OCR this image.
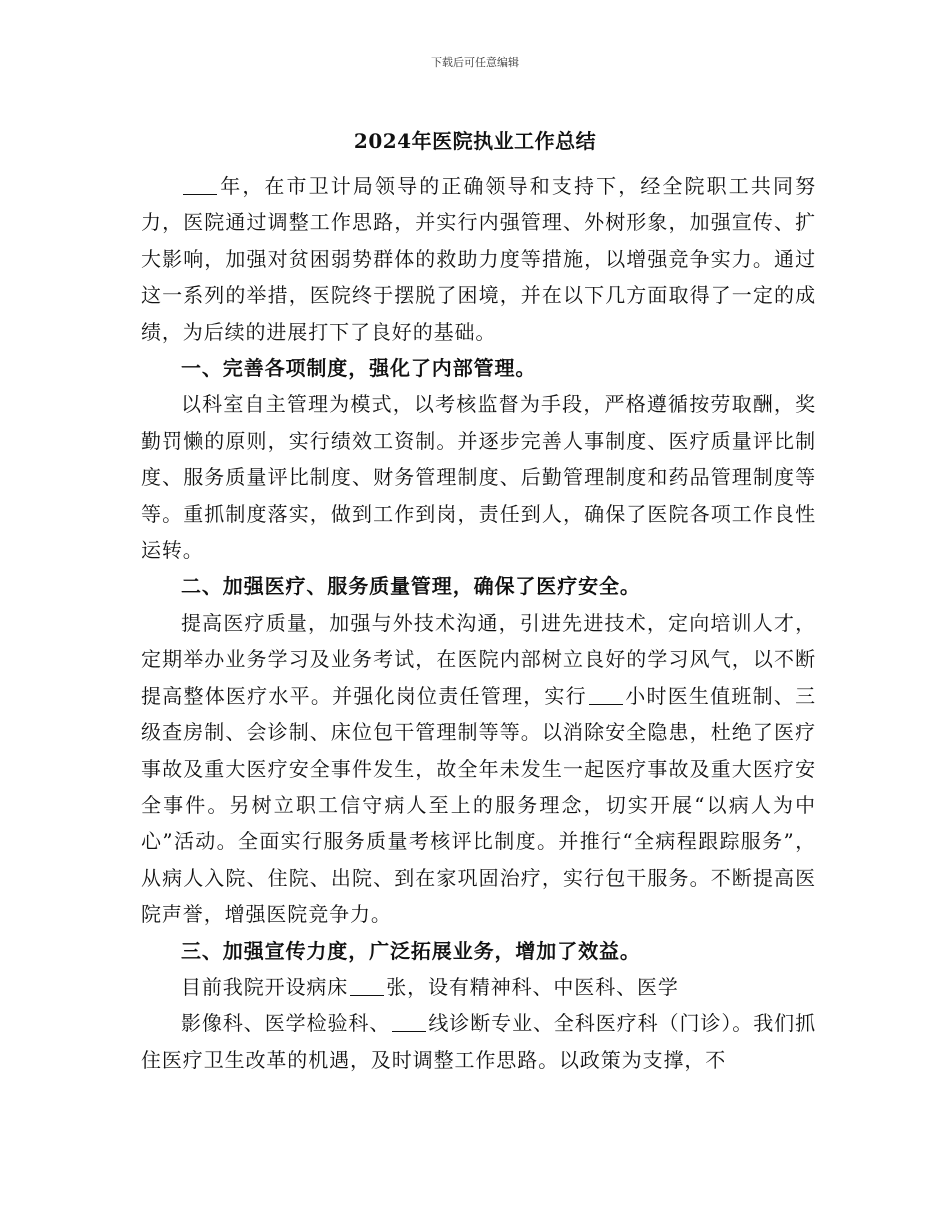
下载后可任意编辑
2024年医院执业工作总结

年，在市卫计局领导的正确领导和支持下，经全院职工共同努力，医院通过调整工作思路，并实行内强管理、外树形象，加强宣传、扩大影响，加强对贫困弱势群体的救助力度等措施，以增强竞争实力。通过这一系列的举措，医院终于摆脱了困境，并在以下几方面取得了一定的成绩，为后续的进展打下了良好的基础。

一、完善各项制度，强化了内部管理。

以科室自主管理为模式，以考核监督为手段，严格遵循按劳取酬，奖勤罚懒的原则，实行绩效工资制。并逐步完善人事制度、医疗质量评比制度、服务质量评比制度、财务管理制度、后勤管理制度和药品管理制度等等。重抓制度落实，做到工作到岗，责任到人，确保了医院各项工作良性运转。

二、加强医疗、服务质量管理，确保了医疗安全。

提高医疗质量，加强与外技术沟通，引进先进技术，定向培训人才，定期举办业务学习及业务考试，在医院内部树立良好的学习风气，以不断提高整体医疗水平。并强化岗位责任管理，实行 小时医生值班制、三级查房制、会诊制、床位包干管理制等等。以消除安全隐患，杜绝了医疗事故及重大医疗安全事件发生，故全年未发生一起医疗事故及重大医疗安全事件。另树立职工信守病人至上的服务理念，切实开展“以病人为中心”活动。全面实行服务质量考核评比制度。并推行“全病程跟踪服务”，从病人入院、住院、出院、到在家巩固治疗，实行包干服务。不断提高医院声誉，增强医院竞争力。

三、加强宣传力度，广泛拓展业务，增加了效益。

目前我院开设病床 张，设有精神科、中医科、医学

影像科、医学检验科、 线诊断专业、全科医疗科（门诊）。我们抓住医疗卫生改革的机遇，及时调整工作思路。以政策为支撑，不
